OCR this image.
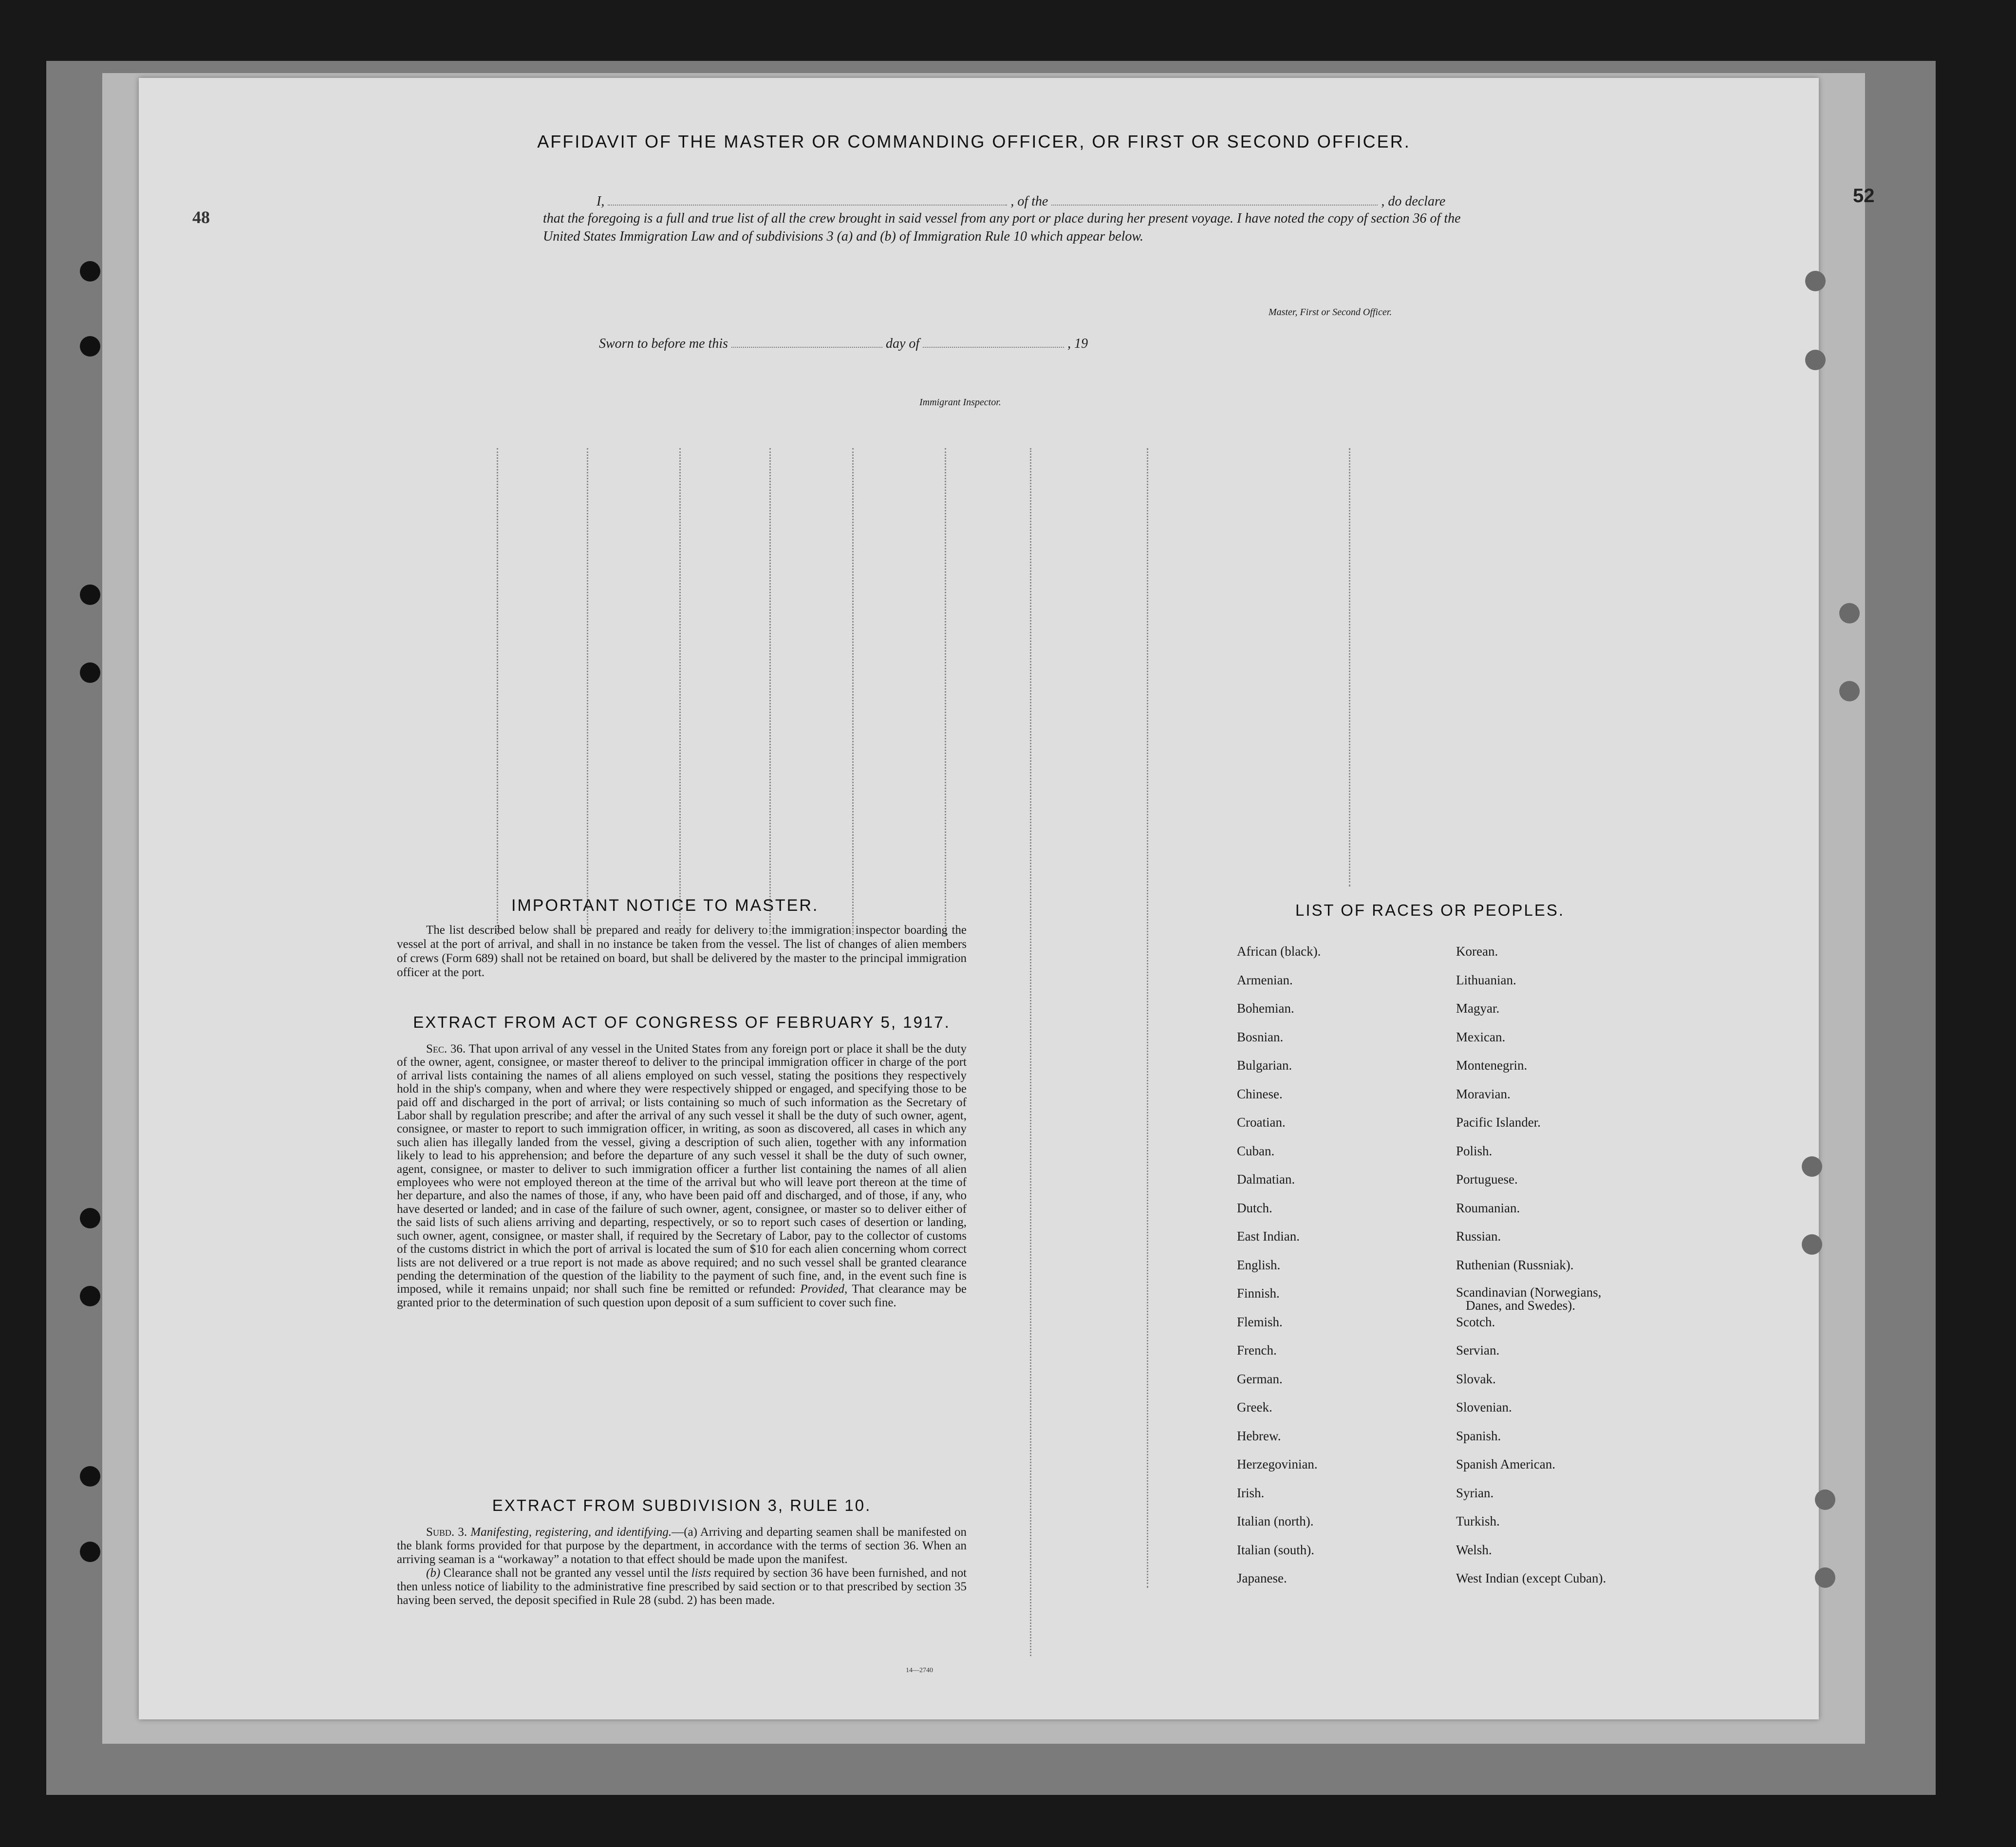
48
52
AFFIDAVIT OF THE MASTER OR COMMANDING OFFICER, OR FIRST OR SECOND OFFICER.
I,	, of the	, do declare
that the foregoing is a full and true list of all the crew brought in said vessel from any port or place during her present voyage. I have noted the copy of section 36 of the United States Immigration Law and of subdivisions 3 (a) and (b) of Immigration Rule 10 which appear below.
Master, First or Second Officer.
Sworn to before me this	day of	, 19
Immigrant Inspector.
IMPORTANT NOTICE TO MASTER.
The list described below shall be prepared and ready for delivery to the immigration inspector boarding the vessel at the port of arrival, and shall in no instance be taken from the vessel. The list of changes of alien members of crews (Form 689) shall not be retained on board, but shall be delivered by the master to the principal immigration officer at the port.
EXTRACT FROM ACT OF CONGRESS OF FEBRUARY 5, 1917.
Sec. 36. That upon arrival of any vessel in the United States from any foreign port or place it shall be the duty of the owner, agent, consignee, or master thereof to deliver to the principal immigration officer in charge of the port of arrival lists containing the names of all aliens employed on such vessel, stating the positions they respectively hold in the ship's company, when and where they were respectively shipped or engaged, and specifying those to be paid off and discharged in the port of arrival; or lists containing so much of such information as the Secretary of Labor shall by regulation prescribe; and after the arrival of any such vessel it shall be the duty of such owner, agent, consignee, or master to report to such immigration officer, in writing, as soon as discovered, all cases in which any such alien has illegally landed from the vessel, giving a description of such alien, together with any information likely to lead to his apprehension; and before the departure of any such vessel it shall be the duty of such owner, agent, consignee, or master to deliver to such immigration officer a further list containing the names of all alien employees who were not employed thereon at the time of the arrival but who will leave port thereon at the time of her departure, and also the names of those, if any, who have been paid off and discharged, and of those, if any, who have deserted or landed; and in case of the failure of such owner, agent, consignee, or master so to deliver either of the said lists of such aliens arriving and departing, respectively, or so to report such cases of desertion or landing, such owner, agent, consignee, or master shall, if required by the Secretary of Labor, pay to the collector of customs of the customs district in which the port of arrival is located the sum of $10 for each alien concerning whom correct lists are not delivered or a true report is not made as above required; and no such vessel shall be granted clearance pending the determination of the question of the liability to the payment of such fine, and, in the event such fine is imposed, while it remains unpaid; nor shall such fine be remitted or refunded: Provided, That clearance may be granted prior to the determination of such question upon deposit of a sum sufficient to cover such fine.
EXTRACT FROM SUBDIVISION 3, RULE 10.

Subd. 3. Manifesting, registering, and identifying.—(a) Arriving and departing seamen shall be manifested on the blank forms provided for that purpose by the department, in accordance with the terms of section 36. When an arriving seaman is a “workaway” a notation to that effect should be made upon the manifest.

(b) Clearance shall not be granted any vessel until the lists required by section 36 have been furnished, and not then unless notice of liability to the administrative fine prescribed by said section or to that prescribed by section 35 having been served, the deposit specified in Rule 28 (subd. 2) has been made.

14—2740
LIST OF RACES OR PEOPLES.
African (black).
Armenian.
Bohemian.
Bosnian.
Bulgarian.
Chinese.
Croatian.
Cuban.
Dalmatian.
Dutch.
East Indian.
English.
Finnish.
Flemish.
French.
German.
Greek.
Hebrew.
Herzegovinian.
Irish.
Italian (north).
Italian (south).
Japanese.
Korean.
Lithuanian.
Magyar.
Mexican.
Montenegrin.
Moravian.
Pacific Islander.
Polish.
Portuguese.
Roumanian.
Russian.
Ruthenian (Russniak).
Scandinavian (Norwegians,
Danes, and Swedes).
Scotch.
Servian.
Slovak.
Slovenian.
Spanish.
Spanish American.
Syrian.
Turkish.
Welsh.
West Indian (except Cuban).
